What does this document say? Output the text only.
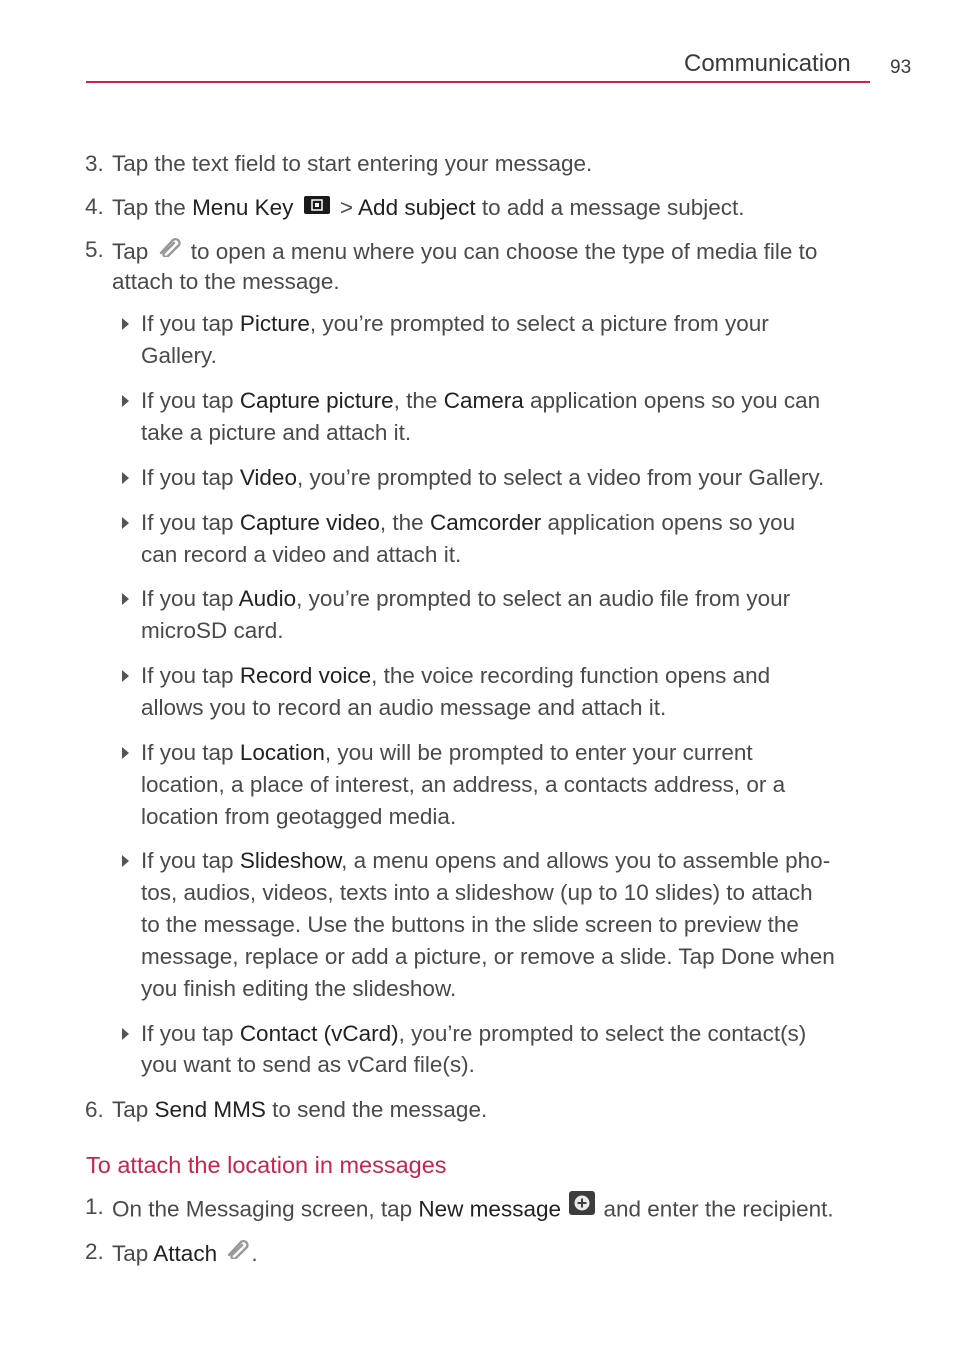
Communication 93
3. Tap the text field to start entering your message.
4. Tap the Menu Key  > Add subject to add a message subject.
5. Tap  to open a menu where you can choose the type of media file to
attach to the message.
If you tap Picture, you’re prompted to select a picture from your
Gallery.
If you tap Capture picture, the Camera application opens so you can
take a picture and attach it.
If you tap Video, you’re prompted to select a video from your Gallery.
If you tap Capture video, the Camcorder application opens so you
can record a video and attach it.
If you tap Audio, you’re prompted to select an audio file from your
microSD card.
If you tap Record voice, the voice recording function opens and
allows you to record an audio message and attach it.
If you tap Location, you will be prompted to enter your current
location, a place of interest, an address, a contacts address, or a
location from geotagged media.
If you tap Slideshow, a menu opens and allows you to assemble pho-
tos, audios, videos, texts into a slideshow (up to 10 slides) to attach
to the message. Use the buttons in the slide screen to preview the
message, replace or add a picture, or remove a slide. Tap Done when
you finish editing the slideshow.
If you tap Contact (vCard), you’re prompted to select the contact(s)
you want to send as vCard file(s).
6. Tap Send MMS to send the message.
To attach the location in messages
1. On the Messaging screen, tap New message  and enter the recipient.
2. Tap Attach .
